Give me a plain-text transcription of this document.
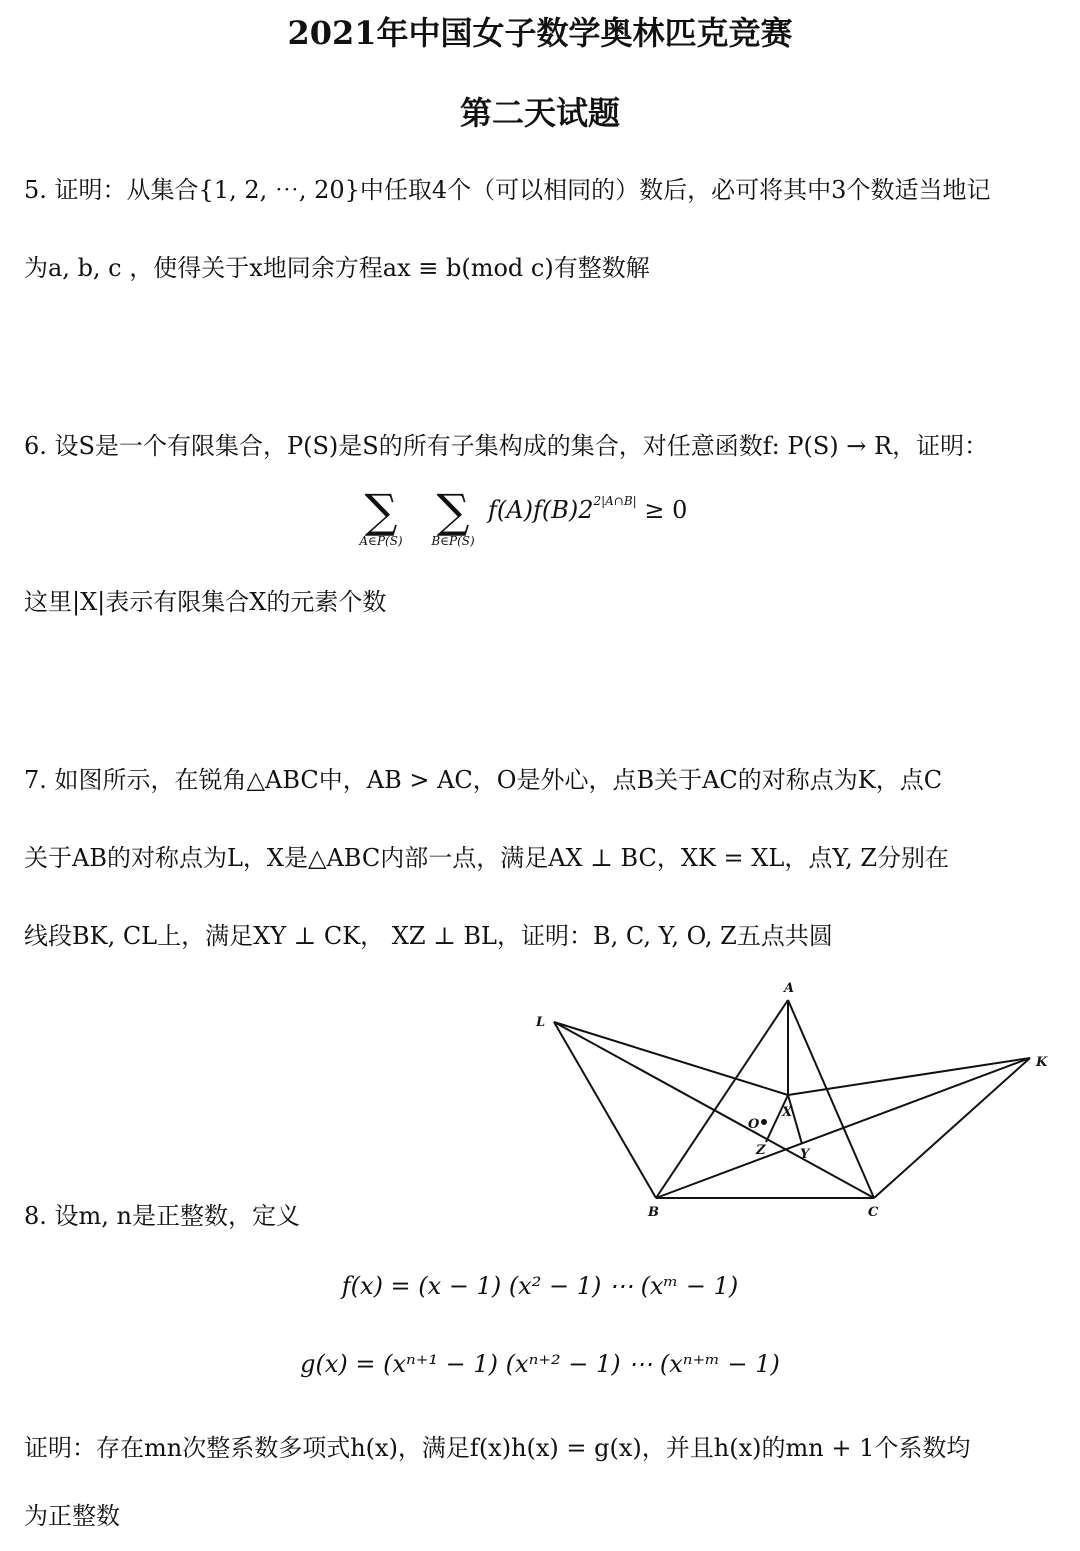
2021年中国女子数学奥林匹克竞赛
第二天试题
5. 证明：从集合{1, 2, ⋯, 20}中任取4个（可以相同的）数后，必可将其中3个数适当地记
为a, b, c ，使得关于x地同余方程ax ≡ b(mod c)有整数解
6. 设S是一个有限集合，P(S)是S的所有子集构成的集合，对任意函数f: P(S) → R，证明：
∑
A∈P(S)
∑
B∈P(S)
$f(A)f(B)2^{2|A\cap B|} \ge 0$
这里|X|表示有限集合X的元素个数
7. 如图所示，在锐角△ABC中，AB > AC，O是外心，点B关于AC的对称点为K，点C
关于AB的对称点为L，X是△ABC内部一点，满足AX ⊥ BC，XK = XL，点Y, Z分别在
线段BK, CL上，满足XY ⊥ CK， XZ ⊥ BL，证明：B, C, Y, O, Z五点共圆
A
B	C
K
L
O
X
Y
Z
8. 设m, n是正整数，定义
f(x) = (x − 1) (x² − 1) ⋯ (xᵐ − 1)
g(x) = (xⁿ⁺¹ − 1) (xⁿ⁺² − 1) ⋯ (xⁿ⁺ᵐ − 1)
证明：存在mn次整系数多项式h(x)，满足f(x)h(x) = g(x)，并且h(x)的mn + 1个系数均
为正整数
